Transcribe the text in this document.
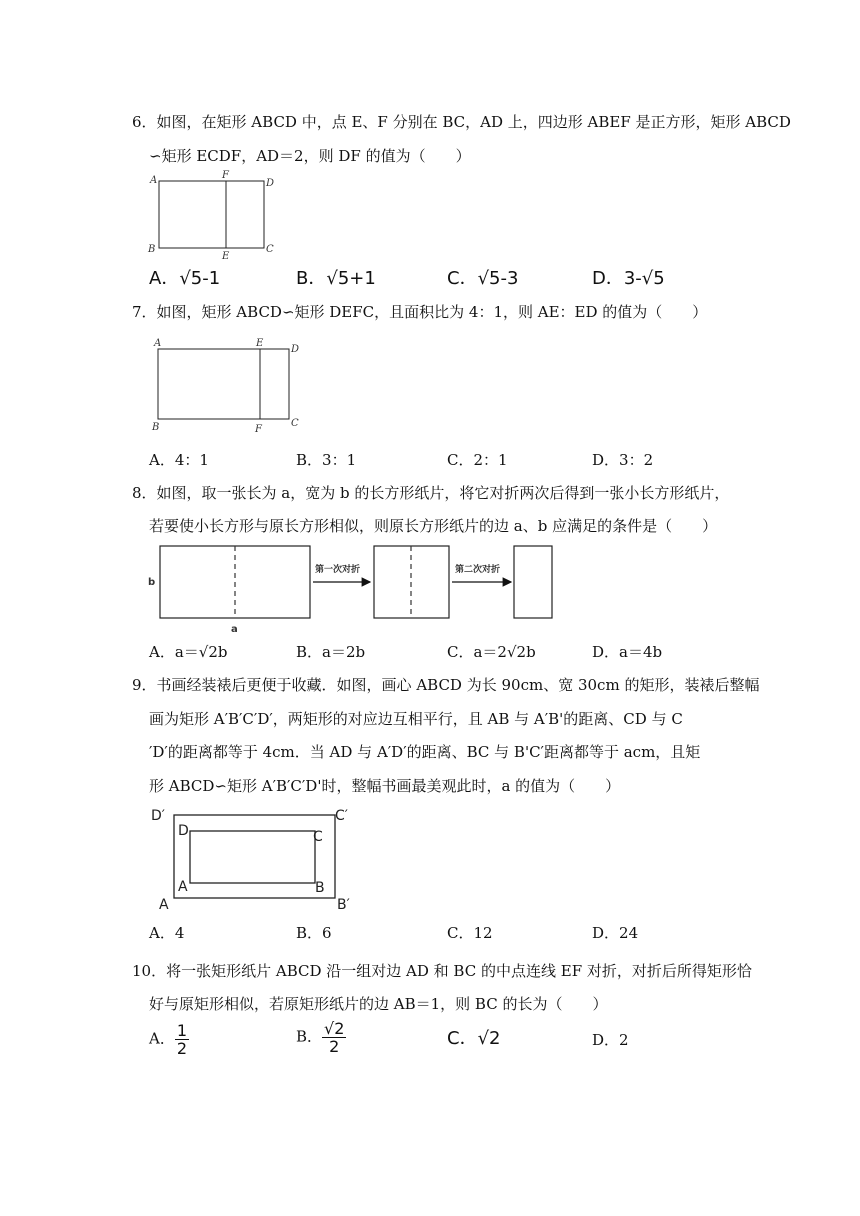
6．如图，在矩形 ABCD 中，点 E、F 分别在 BC，AD 上，四边形 ABEF 是正方形，矩形 ABCD
∽矩形 ECDF，AD＝2，则 DF 的值为（　　）
A	F
D
B
E
C
A．√5-1	B．√5+1	C．√5-3	D．3-√5
7．如图，矩形 ABCD∽矩形 DEFC，且面积比为 4：1，则 AE：ED 的值为（　　）
A	E
D
B	F
C
A．4：1	B．3：1	C．2：1	D．3：2
8．如图，取一张长为 a，宽为 b 的长方形纸片，将它对折两次后得到一张小长方形纸片，
若要使小长方形与原长方形相似，则原长方形纸片的边 a、b 应满足的条件是（　　）
b
a
第一次对折	第二次对折
A．a＝√2b	B．a＝2b	C．a＝2√2b	D．a＝4b
9．书画经装裱后更便于收藏．如图，画心 ABCD 为长 90cm、宽 30cm 的矩形，装裱后整幅
画为矩形 A′B′C′D′，两矩形的对应边互相平行，且 AB 与 A′B'的距离、CD 与 C
′D′的距离都等于 4cm．当 AD 与 A′D′的距离、BC 与 B'C′距离都等于 acm，且矩
形 ABCD∽矩形 A′B′C′D'时，整幅书画最美观此时，a 的值为（　　）
D′	C′
D	C
A	B
A	B′
A．4	B．6	C．12	D．24
10．将一张矩形纸片 ABCD 沿一组对边 AD 和 BC 的中点连线 EF 对折，对折后所得矩形恰
好与原矩形相似，若原矩形纸片的边 AB＝1，则 BC 的长为（　　）
A． $\frac{1}{2}$	B． $\frac{√2}{2}$	C．√2	D．2
